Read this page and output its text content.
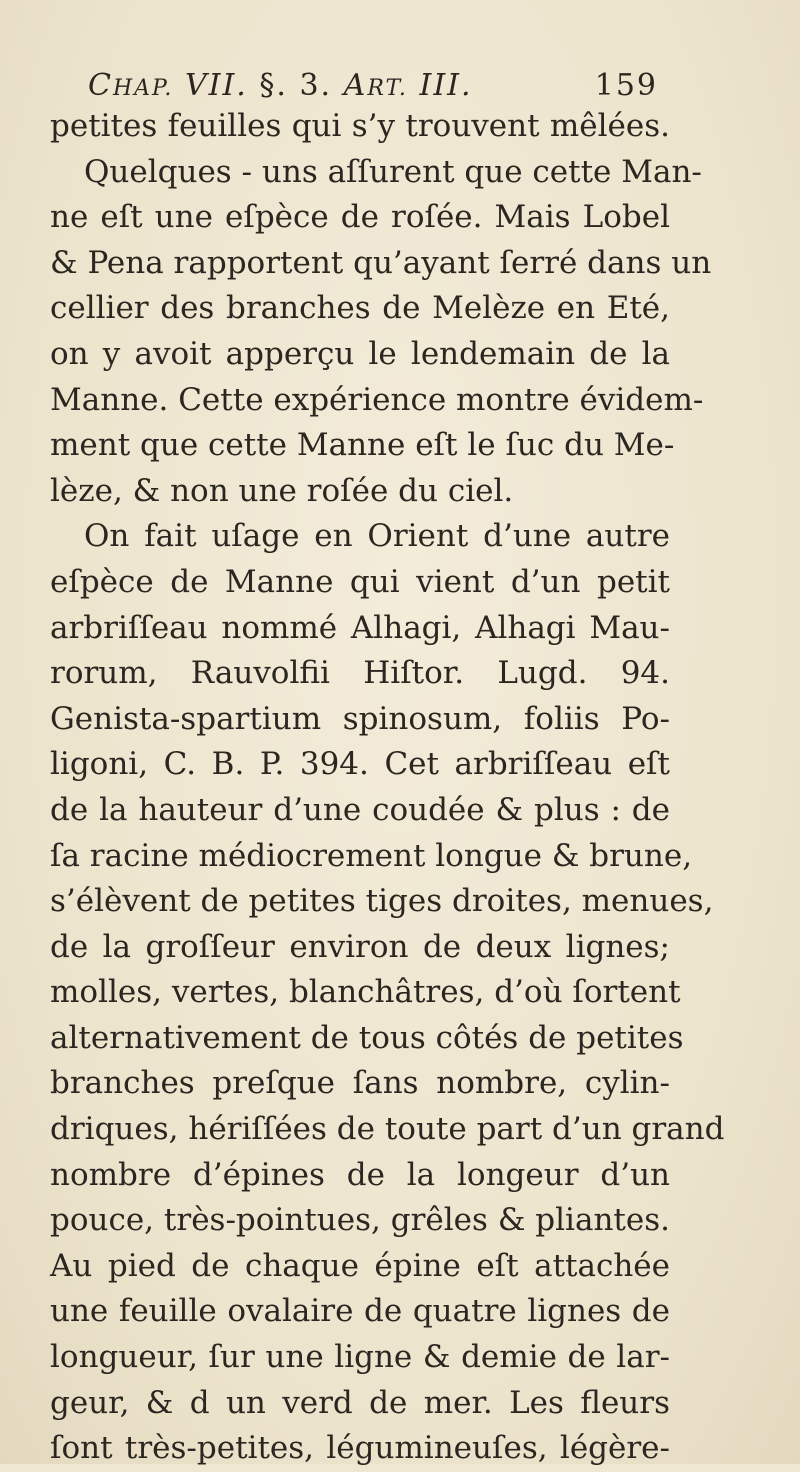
CHAP. VII. §. 3. ART. III.	159
petites feuilles qui s’y trouvent mêlées.
Quelques - uns aſſurent que cette Man-
ne eſt une eſpèce de roſée. Mais Lobel
& Pena rapportent qu’ayant ſerré dans un
cellier des branches de Melèze en Eté,
on y avoit apperçu le lendemain de la
Manne. Cette expérience montre évidem-
ment que cette Manne eſt le ſuc du Me-
lèze, & non une roſée du ciel.
On fait uſage en Orient d’une autre
eſpèce de Manne qui vient d’un petit
arbriſſeau nommé Alhagi, Alhagi Mau-
rorum, Rauvolfii Hiſtor. Lugd. 94.
Genista-spartium spinosum, foliis Po-
ligoni, C. B. P. 394. Cet arbriſſeau eſt
de la hauteur d’une coudée & plus : de
ſa racine médiocrement longue & brune,
s’élèvent de petites tiges droites, menues,
de la groſſeur environ de deux lignes;
molles, vertes, blanchâtres, d’où ſortent
alternativement de tous côtés de petites
branches preſque ſans nombre, cylin-
driques, hériſſées de toute part d’un grand
nombre d’épines de la longeur d’un
pouce, très-pointues, grêles & pliantes.
Au pied de chaque épine eſt attachée
une feuille ovalaire de quatre lignes de
longueur, ſur une ligne & demie de lar-
geur, & d un verd de mer. Les fleurs
ſont très-petites, légumineuſes, légère-
